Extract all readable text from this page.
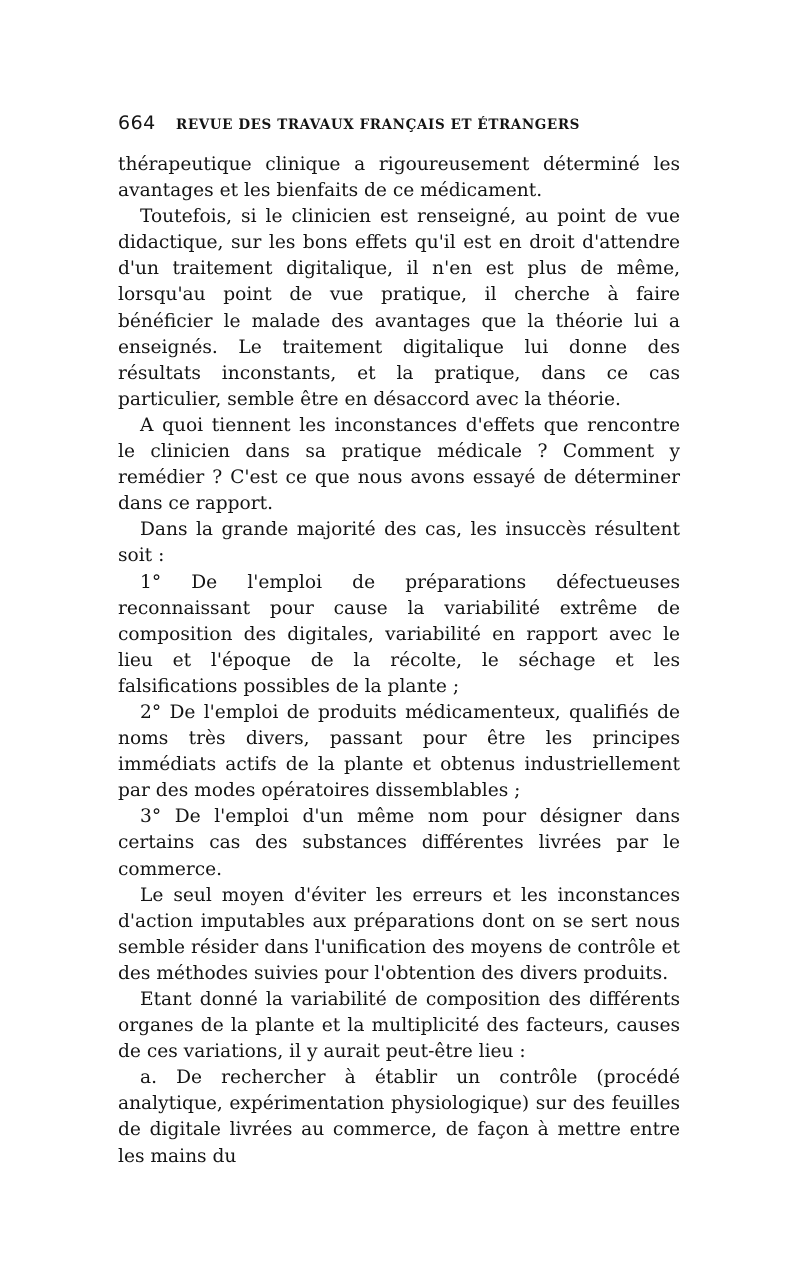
664	REVUE DES TRAVAUX FRANÇAIS ET ÉTRANGERS

thérapeutique clinique a rigoureusement déterminé les avantages et les bienfaits de ce médicament.

Toutefois, si le clinicien est renseigné, au point de vue didactique, sur les bons effets qu'il est en droit d'attendre d'un traitement digitalique, il n'en est plus de même, lorsqu'au point de vue pratique, il cherche à faire bénéficier le malade des avantages que la théorie lui a enseignés. Le traitement digitalique lui donne des résultats inconstants, et la pratique, dans ce cas particulier, semble être en désaccord avec la théorie.

A quoi tiennent les inconstances d'effets que rencontre le clinicien dans sa pratique médicale ? Comment y remédier ? C'est ce que nous avons essayé de déterminer dans ce rapport.

Dans la grande majorité des cas, les insuccès résultent soit :

1° De l'emploi de préparations défectueuses reconnaissant pour cause la variabilité extrême de composition des digitales, variabilité en rapport avec le lieu et l'époque de la récolte, le séchage et les falsifications possibles de la plante ;

2° De l'emploi de produits médicamenteux, qualifiés de noms très divers, passant pour être les principes immédiats actifs de la plante et obtenus industriellement par des modes opératoires dissemblables ;

3° De l'emploi d'un même nom pour désigner dans certains cas des substances différentes livrées par le commerce.

Le seul moyen d'éviter les erreurs et les inconstances d'action imputables aux préparations dont on se sert nous semble résider dans l'unification des moyens de contrôle et des méthodes suivies pour l'obtention des divers produits.

Etant donné la variabilité de composition des différents organes de la plante et la multiplicité des facteurs, causes de ces variations, il y aurait peut-être lieu :

a. De rechercher à établir un contrôle (procédé analytique, expérimentation physiologique) sur des feuilles de digitale livrées au commerce, de façon à mettre entre les mains du
